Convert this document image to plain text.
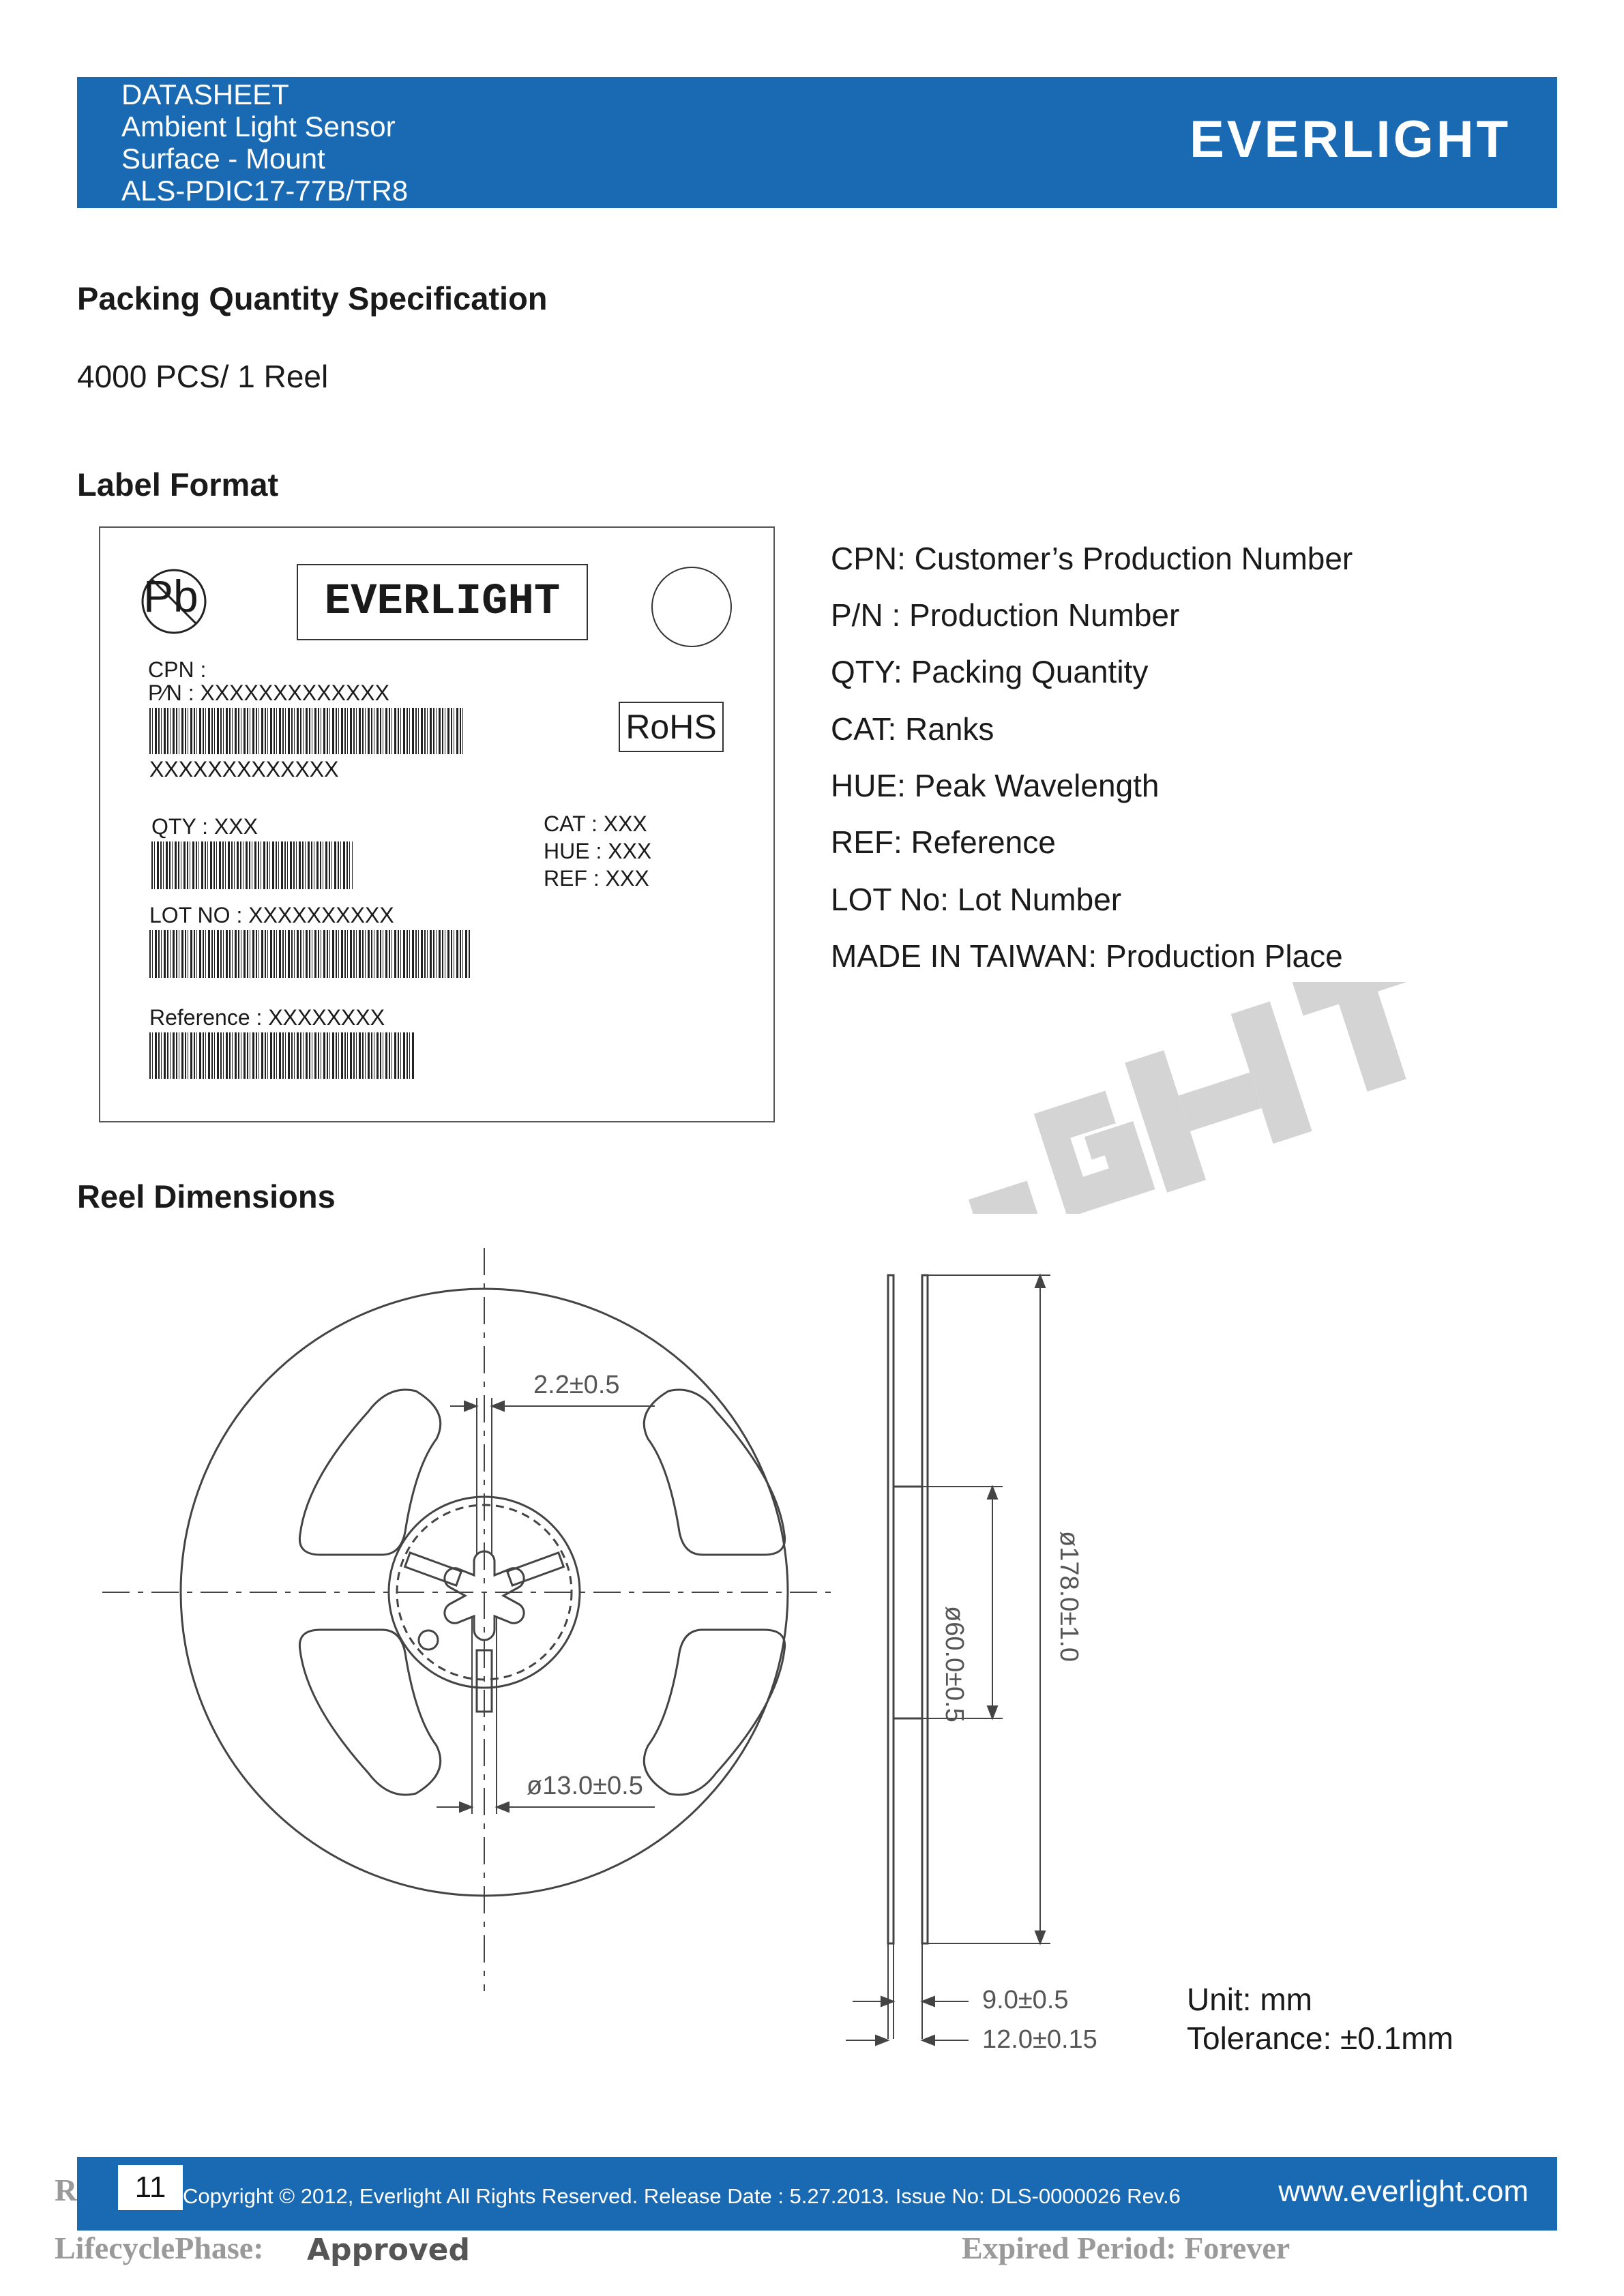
R
LifecyclePhase: Approved	Expired Period: Forever
DATASHEET
Ambient Light Sensor
Surface - Mount
ALS-PDIC17-77B/TR8
EVERLIGHT
Packing Quantity Specification
4000 PCS/ 1 Reel
Label Format
Pb	EVERLIGHT
CPN :
P⁄N : XXXXXXXXXXXXX
XXXXXXXXXXXXX
RoHS
QTY : XXX	CAT : XXX
HUE : XXX
REF : XXX
LOT NO : XXXXXXXXXX
Reference : XXXXXXXX
CPN: Customer’s Production Number
P/N : Production Number
QTY: Packing Quantity
CAT: Ranks
HUE: Peak Wavelength
REF: Reference
LOT No: Lot Number
MADE IN TAIWAN: Production Place
Reel Dimensions
2.2±0.5
ø13.0±0.5
ø60.0±0.5
ø178.0±1.0
9.0±0.5
12.0±0.15
Unit: mm
Tolerance: ±0.1mm
11 Copyright © 2012, Everlight All Rights Reserved. Release Date : 5.27.2013. Issue No: DLS-0000026 Rev.6	www.everlight.com
